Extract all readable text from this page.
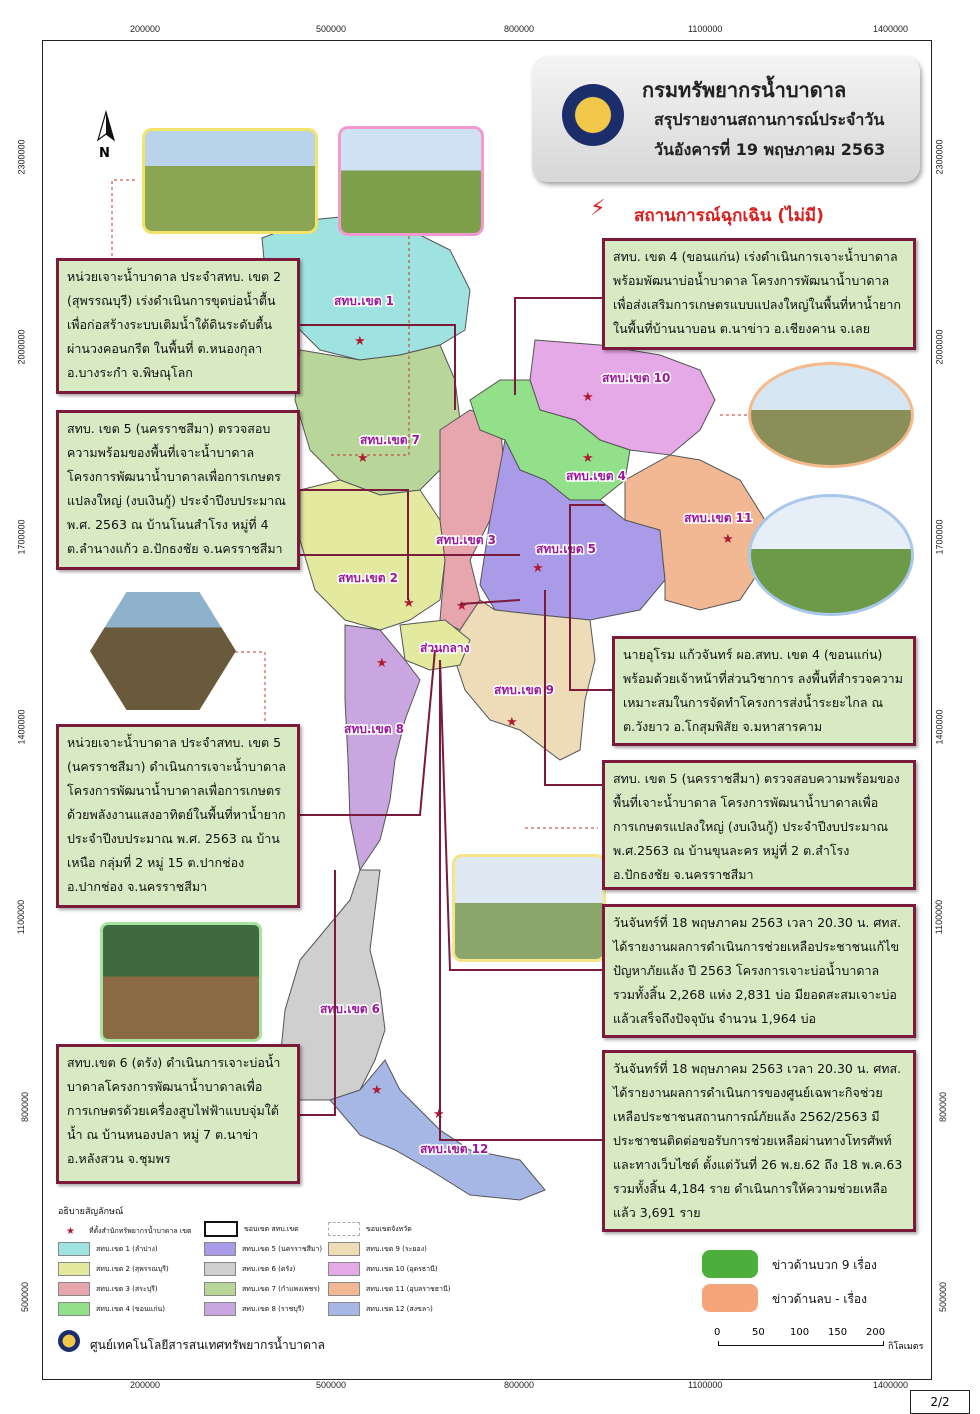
200000	500000	800000	1100000	1400000
200000	500000	800000	1100000	1400000
2300000
2000000
1700000
1400000
1100000
800000
500000
2300000
2000000
1700000
1400000
1100000
800000
500000
สทบ.เขต 1
สทบ.เขต 2
สทบ.เขต 3
สทบ.เขต 4
สทบ.เขต 5
สทบ.เขต 6
สทบ.เขต 7
สทบ.เขต 8
สทบ.เขต 9
สทบ.เขต 10
สทบ.เขต 11
สทบ.เขต 12
ส่วนกลาง
★
★
★	★
★
★
★
★
★
★
★
★
N
กรมทรัพยากรน้ำบาดาล
สรุปรายงานสถานการณ์ประจำวัน
วันอังคารที่ 19 พฤษภาคม 2563
⚡ สถานการณ์ฉุกเฉิน (ไม่มี)
หน่วยเจาะน้ำบาดาล ประจำสทบ. เขต 2 (สุพรรณบุรี) เร่งดำเนินการขุดบ่อน้ำตื้นเพื่อก่อสร้างระบบเติมน้ำใต้ดินระดับตื้น ผ่านวงคอนกรีต ในพื้นที่ ต.หนองกุลา อ.บางระกำ จ.พิษณุโลก
สทบ. เขต 5 (นครราชสีมา) ตรวจสอบความพร้อมของพื้นที่เจาะน้ำบาดาล โครงการพัฒนาน้ำบาดาลเพื่อการเกษตรแปลงใหญ่ (งบเงินกู้) ประจำปีงบประมาณ พ.ศ. 2563 ณ บ้านโนนสำโรง หมู่ที่ 4 ต.ลำนางแก้ว อ.ปักธงชัย จ.นครราชสีมา
หน่วยเจาะน้ำบาดาล ประจำสทบ. เขต 5 (นครราชสีมา) ดำเนินการเจาะน้ำบาดาล โครงการพัฒนาน้ำบาดาลเพื่อการเกษตรด้วยพลังงานแสงอาทิตย์ในพื้นที่หาน้ำยาก ประจำปีงบประมาณ พ.ศ. 2563 ณ บ้านเหนือ กลุ่มที่ 2 หมู่ 15 ต.ปากช่อง อ.ปากช่อง จ.นครราชสีมา
สทบ.เขต 6 (ตรัง) ดำเนินการเจาะบ่อน้ำบาดาลโครงการพัฒนาน้ำบาดาลเพื่อการเกษตรด้วยเครื่องสูบไฟฟ้าแบบจุ่มใต้น้ำ ณ บ้านหนองปลา หมู่ 7 ต.นาข่า อ.หลังสวน จ.ชุมพร
สทบ. เขต 4 (ขอนแก่น) เร่งดำเนินการเจาะน้ำบาดาล พร้อมพัฒนาบ่อน้ำบาดาล โครงการพัฒนาน้ำบาดาล เพื่อส่งเสริมการเกษตรแบบแปลงใหญ่ในพื้นที่หาน้ำยาก ในพื้นที่บ้านนาบอน ต.นาข่าว อ.เชียงคาน จ.เลย
นายอุโรม แก้วจันทร์ ผอ.สทบ. เขต 4 (ขอนแก่น) พร้อมด้วยเจ้าหน้าที่ส่วนวิชาการ ลงพื้นที่สำรวจความเหมาะสมในการจัดทำโครงการส่งน้ำระยะไกล ณ ต.วังยาว อ.โกสุมพิสัย จ.มหาสารคาม
สทบ. เขต 5 (นครราชสีมา) ตรวจสอบความพร้อมของพื้นที่เจาะน้ำบาดาล โครงการพัฒนาน้ำบาดาลเพื่อการเกษตรแปลงใหญ่ (งบเงินกู้) ประจำปีงบประมาณ พ.ศ.2563 ณ บ้านขุนละคร หมู่ที่ 2 ต.สำโรง อ.ปักธงชัย จ.นครราชสีมา
วันจันทร์ที่ 18 พฤษภาคม 2563 เวลา 20.30 น. ศทส. ได้รายงานผลการดำเนินการช่วยเหลือประชาชนแก้ไขปัญหาภัยแล้ง ปี 2563 โครงการเจาะบ่อน้ำบาดาล รวมทั้งสิ้น 2,268 แห่ง 2,831 บ่อ มียอดสะสมเจาะบ่อแล้วเสร็จถึงปัจจุบัน จำนวน 1,964 บ่อ
วันจันทร์ที่ 18 พฤษภาคม 2563 เวลา 20.30 น. ศทส. ได้รายงานผลการดำเนินการของศูนย์เฉพาะกิจช่วยเหลือประชาชนสถานการณ์ภัยแล้ง 2562/2563 มีประชาชนติดต่อขอรับการช่วยเหลือผ่านทางโทรศัพท์และทางเว็บไซต์ ตั้งแต่วันที่ 26 พ.ย.62 ถึง 18 พ.ค.63 รวมทั้งสิ้น 4,184 ราย ดำเนินการให้ความช่วยเหลือแล้ว 3,691 ราย
อธิบายสัญลักษณ์
★ ที่ตั้งสำนักทรัพยากรน้ำบาดาล เขต	ขอบเขต สทบ.เขต	ขอบเขตจังหวัด
สทบ.เขต 1 (ลำปาง)
สทบ.เขต 2 (สุพรรณบุรี)
สทบ.เขต 3 (สระบุรี)
สทบ.เขต 4 (ขอนแก่น)
สทบ.เขต 5 (นครราชสีมา)
สทบ.เขต 6 (ตรัง)
สทบ.เขต 7 (กำแพงเพชร)
สทบ.เขต 8 (ราชบุรี)
สทบ.เขต 9 (ระยอง)
สทบ.เขต 10 (อุดรธานี)
สทบ.เขต 11 (อุบลราชธานี)
สทบ.เขต 12 (สงขลา)
ข่าวด้านบวก 9 เรื่อง
ข่าวด้านลบ - เรื่อง
0	50	100 150 200
กิโลเมตร
ศูนย์เทคโนโลยีสารสนเทศทรัพยากรน้ำบาดาล
2/2
